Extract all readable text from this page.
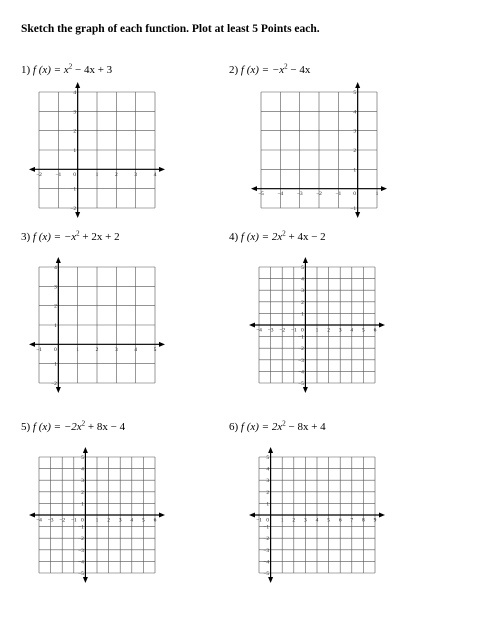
Sketch the graph of each function. Plot at least 5 Points each.
1) f $(x) = x^2 - 4x + 3$
−2 −1 0	1	2	3	4
−2
−1
1
2
3
4
2) f $(x) = -x^2 - 4x$
−5 −4 −3 −2 −1 0	1
−1
1
2
3
4
5
3) f $(x) = -x^2 + 2x + 2$
−1 0	1	2	3	4	5
−2
−1
1
2
3
4
4) f $(x) = 2x^2 + 4x - 2$
−4 −3 −2 −1 0 1 2 3 4 5 6
−5
−4
−3
−2
−1
1
2
3
4
5
5) f $(x) = -2x^2 + 8x - 4$
−4 −3 −2 −1 0 1 2 3 4 5 6
−5
−4
−3
−2
−1
1
2
3
4
5
6) f $(x) = 2x^2 - 8x + 4$
−1 0 1 2 3 4 5 6 7 8 9
−5
−4
−3
−2
−1
1
2
3
4
5
